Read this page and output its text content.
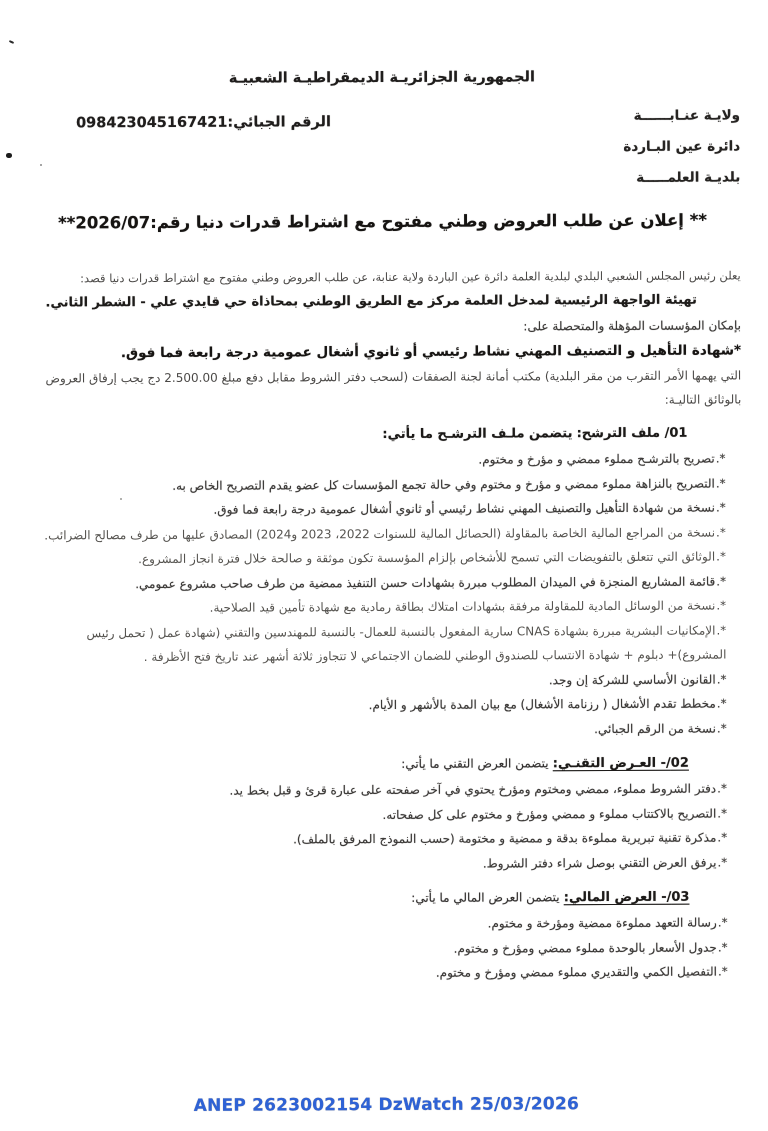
الجمهورية الجزائريـة الديمقراطيـة الشعبيـة
ولايـة عنـابــــــة
دائرة عين البـاردة
بلديـة العلمـــــة
الرقم الجبائي:098423045167421
** إعلان عن طلب العروض وطني مفتوح مع اشتراط قدرات دنيا رقم:2026/07**
يعلن رئيس المجلس الشعبي البلدي لبلدية العلمة دائرة عين الباردة ولاية عنابة، عن طلب العروض وطني مفتوح مع اشتراط قدرات دنيا قصد:
تهيئة الواجهة الرئيسية لمدخل العلمة مركز مع الطريق الوطني بمحاذاة حي قايدي علي - الشطر الثاني.
بإمكان المؤسسات المؤهلة والمتحصلة على:
*شهادة التأهيل و التصنيف المهني نشاط رئيسي أو ثانوي أشغال عمومية درجة رابعة فما فوق.
التي يهمها الأمر التقرب من مقر البلدية) مكتب أمانة لجنة الصفقات (لسحب دفتر الشروط مقابل دفع مبلغ 2.500.00 دج يجب إرفاق العروض بالوثائق التاليـة:
01/ ملف الترشح: يتضمن ملـف الترشـح ما يأتي:
*.تصريح بالترشـح مملوء ممضي و مؤرخ و مختوم.
*.التصريح بالنزاهة مملوء ممضي و مؤرخ و مختوم وفي حالة تجمع المؤسسات كل عضو يقدم التصريح الخاص به.
*.نسخة من شهادة التأهيل والتصنيف المهني نشاط رئيسي أو ثانوي أشغال عمومية درجة رابعة فما فوق.
*.نسخة من المراجع المالية الخاصة بالمقاولة (الحصائل المالية للسنوات 2022، 2023 و2024) المصادق عليها من طرف مصالح الضرائب.
*.الوثائق التي تتعلق بالتفويضات التي تسمح للأشخاص بإلزام المؤسسة تكون موثقة و صالحة خلال فترة انجاز المشروع.
*.قائمة المشاريع المنجزة في الميدان المطلوب مبررة بشهادات حسن التنفيذ ممضية من طرف صاحب مشروع عمومي.
*.نسخة من الوسائل المادية للمقاولة مرفقة بشهادات امتلاك بطاقة رمادية مع شهادة تأمين قيد الصلاحية.
*.الإمكانيات البشرية مبررة بشهادة CNAS سارية المفعول بالنسبة للعمال- بالنسبة للمهندسين والتقني (شهادة عمل ( تحمل رئيس المشروع)+ دبلوم + شهادة الانتساب للصندوق الوطني للضمان الاجتماعي لا تتجاوز ثلاثة أشهر عند تاريخ فتح الأظرفة .
*.القانون الأساسي للشركة إن وجد.
*.مخطط تقدم الأشغال ( رزنامة الأشغال) مع بيان المدة بالأشهر و الأيام.
*.نسخة من الرقم الجبائي.
02/- العـرض التقنـي: يتضمن العرض التقني ما يأتي:
*.دفتر الشروط مملوء، ممضي ومختوم ومؤرخ يحتوي في آخر صفحته على عبارة قرئ و قبل بخط يد.
*.التصريح بالاكتتاب مملوء و ممضي ومؤرخ و مختوم على كل صفحاته.
*.مذكرة تقنية تبريرية مملوءة بدقة و ممضية و مختومة (حسب النموذج المرفق بالملف).
*.يرفق العرض التقني بوصل شراء دفتر الشروط.
03/- العرض المالي: يتضمن العرض المالي ما يأتي:
*.رسالة التعهد مملوءة ممضية ومؤرخة و مختوم.
*.جدول الأسعار بالوحدة مملوء ممضي ومؤرخ و مختوم.
*.التفصيل الكمي والتقديري مملوء ممضي ومؤرخ و مختوم.
ANEP 2623002154 DzWatch 25/03/2026
